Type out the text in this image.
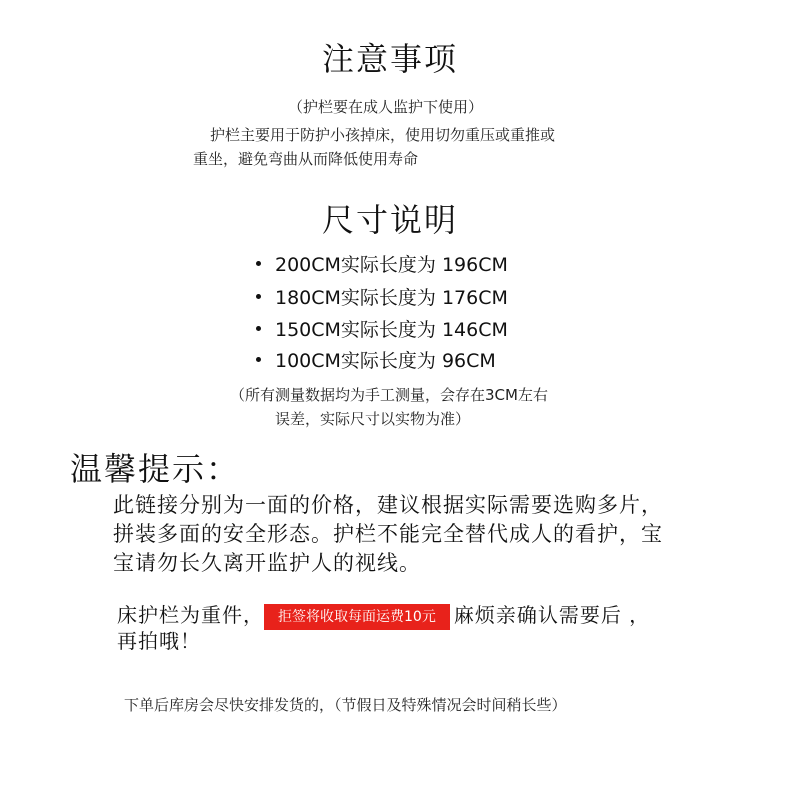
注意事项
（护栏要在成人监护下使用）
护栏主要用于防护小孩掉床，使用切勿重压或重推或
重坐，避免弯曲从而降低使用寿命
尺寸说明
200CM实际长度为 196CM
180CM实际长度为 176CM
150CM实际长度为 146CM
100CM实际长度为 96CM
（所有测量数据均为手工测量，会存在3CM左右
误差，实际尺寸以实物为准）
温馨提示：
此链接分别为一面的价格，建议根据实际需要选购多片，
拼装多面的安全形态。护栏不能完全替代成人的看护，宝
宝请勿长久离开监护人的视线。
床护栏为重件， 拒签将收取每面运费10元 麻烦亲确认需要后 ，
再拍哦！
下单后库房会尽快安排发货的，（节假日及特殊情况会时间稍长些）
